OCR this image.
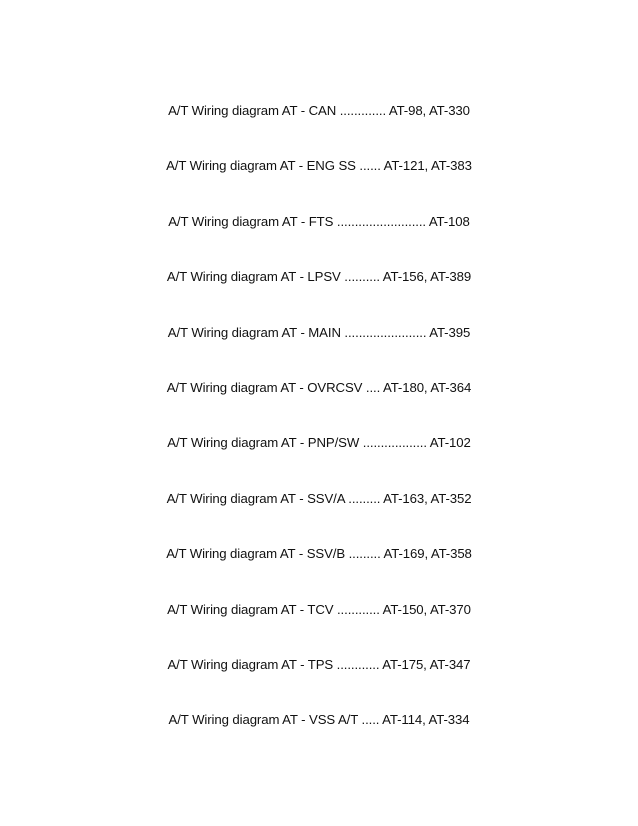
A/T Wiring diagram AT - CAN ............. AT-98, AT-330
A/T Wiring diagram AT - ENG SS ...... AT-121, AT-383
A/T Wiring diagram AT - FTS ......................... AT-108
A/T Wiring diagram AT - LPSV .......... AT-156, AT-389
A/T Wiring diagram AT - MAIN ....................... AT-395
A/T Wiring diagram AT - OVRCSV .... AT-180, AT-364
A/T Wiring diagram AT - PNP/SW .................. AT-102
A/T Wiring diagram AT - SSV/A ......... AT-163, AT-352
A/T Wiring diagram AT - SSV/B ......... AT-169, AT-358
A/T Wiring diagram AT - TCV ............ AT-150, AT-370
A/T Wiring diagram AT - TPS ............ AT-175, AT-347
A/T Wiring diagram AT - VSS A/T ..... AT-114, AT-334
